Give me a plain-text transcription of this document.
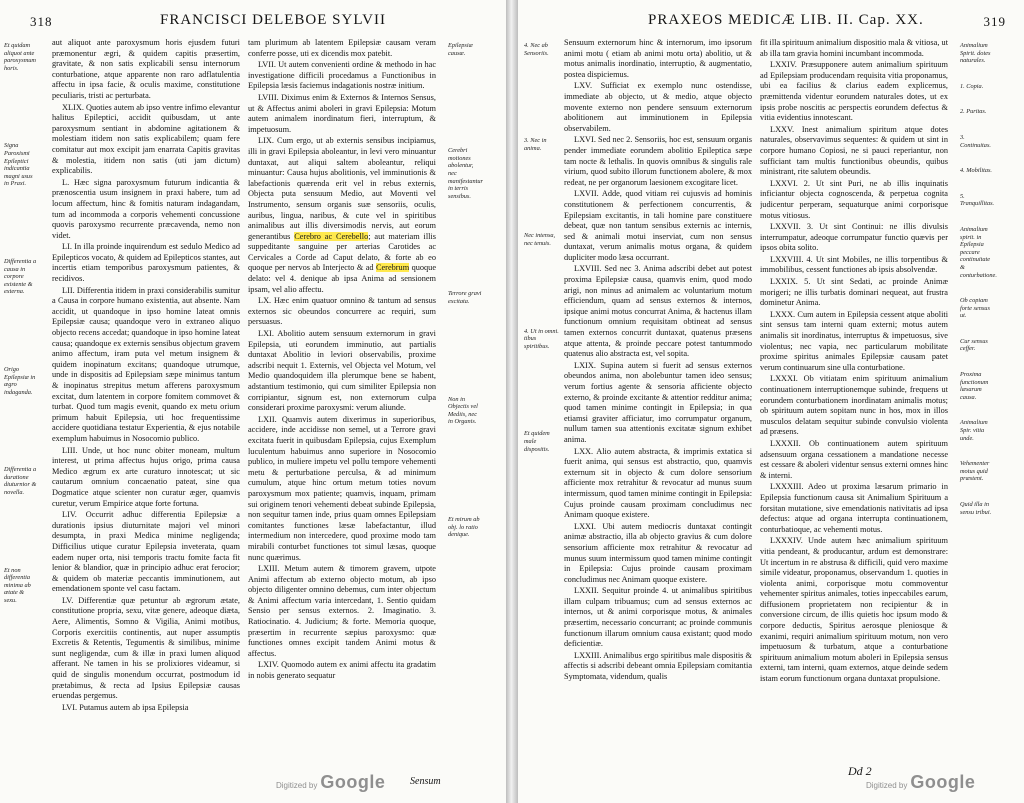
318	FRANCISCI DELEBOE SYLVII
Et quidam aliquot ante paroxysmum horis.
Signa Paroxismi Epileptici indicantia magni usus in Praxi.
Differentia a causa in corpore existente & externa.
Origo Epilepsiæ in ægro indaganda.
Differentia a duratione diuturnior & novella.
Et non differentia minima ab ætate & sexu.

aut aliquot ante paroxysmum horis ejusdem futuri præmonentur ægri, & quidem capitis præsertim, gravitate, & non satis explicabili sensu internorum conturbatione, atque apparente non raro adflatulentia affectu in ipsa facie, & oculis maxime, constitutione peculiaris, tristi ac perturbata.

XLIX. Quoties autem ab ipso ventre infimo elevantur halitus Epileptici, accidit quibusdam, ut ante paroxysmum sentiant in abdomine agitationem & molestiam itidem non satis explicabilem; quam fere comitatur aut mox excipit jam enarrata Capitis gravitas & molestia, itidem non satis (uti jam dictum) explicabilis.

L. Hæc signa paroxysmum futurum indicantia & prænoscentia usum insignem in praxi habere, tum ad locum affectum, hinc & fomitis naturam indagandam, tum ad incommoda a corporis vehementi concussione quovis paroxysmo recurrente præcavenda, nemo non videt.

LI. In illa proinde inquirendum est sedulo Medico ad Epilepticos vocato, & quidem ad Epilepticos stantes, aut incertis etiam temporibus paroxysmum patientes, & recidivos.

LII. Differentia itidem in praxi considerabilis sumitur a Causa in corpore humano existentia, aut absente. Nam accidit, ut quandoque in ipso homine lateat omnis Epilepsiæ causa; quandoque vero in extraneo aliquo objecto recens accedat; quandoque in ipso homine lateat causa; quandoque ex externis sensibus objectum gravem animo affectum, iram puta vel metum insignem & quidem inopinatum excitans; quandoque utrumque, unde in dispositis ad Epilepsiam sæpe minimus tantum & inopinatus strepitus metum afferens paroxysmum excitat, dum latentem in corpore fomitem commovet & turbat. Quod tum magis evenit, quando ex metu orium primum habuit Epilepsia, uti hoc frequentissime accidere quotidiana testatur Experientia, & ejus notabile exemplum habuimus in Nosocomio publico.

LIII. Unde, ut hoc nunc obiter moneam, multum interest, ut prima affectus hujus origo, prima causa Medico ægrum ex arte curaturo innotescat; ut sic cautarum omnium concaenatio pateat, sine qua Dogmatice atque scienter non curatur æger, quamvis curetur, verum Empirice atque forte fortuna.

LIV. Occurrit adhuc differentia Epilepsiæ a durationis ipsius diuturnitate majori vel minori desumpta, in praxi Medica minime negligenda; Difficilius utique curatur Epilepsia inveterata, quam eadem nuper orta, nisi temporis tractu fomite facta fit lenior & blandior, quæ in principio adhuc erat ferocior; & quidem ob materiæ peccantis imminutionem, aut emendationem sponte vel casu factam.

LV. Differentiæ quæ petuntur ab ægrorum ætate, constitutione propria, sexu, vitæ genere, adeoque diæta, Aere, Alimentis, Somno & Vigilia, Animi motibus, Corporis exercitiis continentis, aut nuper assumptis Excretis & Retentis, Tegumentis & similibus, minime sunt negligendæ, cum & illæ in praxi lumen aliquod afferant. Ne tamen in his se prolixiores videamur, si quid de singulis monendum occurrat, postmodum id prætabimus, & recta ad Ipsius Epilepsiæ causas eruendas pergemus.

LVI. Putamus autem ab ipsa Epilepsia

tam plurimum ab latentem Epilepsiæ causam veram conferre posse, uti ex dicendis mox patebit.

LVII. Ut autem convenienti ordine & methodo in hac investigatione difficili procedamus a Functionibus in Epilepsia læsis faciemus indagationis nostræ initium.

LVIII. Diximus enim & Externos & Internos Sensus, ut & Affectus animi aboleri in gravi Epilepsia: Motum autem animalem inordinatum fieri, interruptum, & impetuosum.

LIX. Cum ergo, ut ab externis sensibus incipiamus, illi in gravi Epilepsia aboleantur, in levi vero minuantur duntaxat, aut aliqui saltem aboleantur, reliqui minuantur: Causa hujus abolitionis, vel imminutionis & labefactionis quærenda erit vel in rebus externis, Objecta puta sensuum Medio, aut Moventi vel Instrumento, sensum organis suæ sensoriis, oculis, auribus, lingua, naribus, & cute vel in spiritibus animalibus aut illis diversimodis nervis, aut eorum generantibus Cerebro ac Cerebello; aut materiam illis suppeditante sanguine per arterias Carotides ac Cervicales a Corde ad Caput delato, & forte ab eo quoque per nervos ab Interjecto & ad Cerebrum quoque delato: vel 4. denique ab ipsa Anima ad sensionem ipsam, vel alio affectu.

LX. Hæc enim quatuor omnino & tantum ad sensus externos sic obeundos concurrere ac requiri, sum persuasus.

LXI. Abolitio autem sensuum externorum in gravi Epilepsia, uti eorundem imminutio, aut partialis duntaxat Abolitio in leviori observabilis, proxime adscribi nequit 1. Externis, vel Objecta vel Motum, vel Medio quandoquidem illa plerumque bene se habent, adstantium testimonio, qui cum similiter Epilepsia non corripiantur, signum est, non externorum culpa considerari proxime paroxysmi: verum aliunde.

LXII. Quamvis autem dixerimus in superioribus, accidere, inde accidisse non semel, ut a Terrore gravi excitata fuerit in quibusdam Epilepsia, cujus Exemplum luculentum habuimus anno superiore in Nosocomio publico, in muliere impetu vel pollu tempore vehementi metu & perturbatione perculsa, & ad minimum cumulum, atque hinc ortum metum toties novum paroxysmum mox patiente; quamvis, inquam, primam sui originem tenori vehementi debeat subinde Epilepsia, non sequitur tamen inde, prius quam omnes Epilepsiam comitantes functiones læsæ labefactantur, illud intermedium non intercedere, quod proxime modo tam mirabili conturbet functiones tot simul læsas, quoque nunc quærimus.

LXIII. Metum autem & timorem gravem, utpote Animi affectum ab externo objecto motum, ab ipso objecto diligenter omnino debemus, cum inter objectum & Animi affectum varia intercedant, 1. Sentio quidam Sensio per sensus externos. 2. Imaginatio. 3. Ratiocinatio. 4. Judicium; & forte. Memoria quoque, præsertim in recurrente sæpius paroxysmo: quæ functiones omnes excipit tandem Animi motus & affectus.

LXIV. Quomodo autem ex animi affectu ita gradatim in nobis generato sequatur

Epilepsiæ causæ.
Cerebri motiones abolentur, nec manifestantur in terris sensibus.
Terrore gravi excitata.
Non in Objectis vel Mediis, nec in Organis.
Et mirum ab obj. lo ratio denique.
Digitized by Google Sensum
PRAXEOS MEDICÆ LIB. II. Cap. XX.	319
4. Nec ab Sensoriis.
3. Nec in anima.
Nec intensa, nec tenuis.
4. Ut in omni. tibus spiritibus.
Et quidem male dispositis.

Sensuum externorum hinc & internorum, imo ipsorum animi motu ( etiam ab animi motu orta) abolitio, ut & motus animalis inordinatio, interruptio, & augmentatio, postea dispiciemus.

LXV. Sufficiat ex exemplo nunc ostendisse, immediate ab objecto, ut & medio, atque objecto movente externo non pendere sensuum externorum abolitionem aut imminutionem in Epilepsia observabilem.

LXVI. Sed nec 2. Sensoriis, hoc est, sensuum organis pender immediate eorundem abolitio Epileptica sæpe tam nocte & lethalis. In quovis omnibus & singulis rale virium, quod subito illorum functionem abolere, & mox redeat, ne per organorum laesionem excogitare licet.

LXVII. Adde, quod vitiam rei cujusvis ad hominis constitutionem & perfectionem concurrentis, & Epilepsiam excitantis, in tali homine pare constituere debeat, quæ non tantum sensibus externis ac internis, sed & animali motui inserviat, cum non sensus duntaxat, verum animalis motus organa, & quidem dupliciter modo læsa occurrant.

LXVIII. Sed nec 3. Anima adscribi debet aut potest proxima Epilepsiæ causa, quamvis enim, quod modo arigi, non minus ad animalem ac voluntarium motum efficiendum, quam ad sensus externos & internos, ipsique animi motus concurrat Anima, & hactenus illam functionum omnium requisitam obtineat ad sensus tamen externos concurrit duntaxat, quatenus præsens atque attenta, & proinde peccare potest tantummodo quatenus alio abstracta est, vel sopita.

LXIX. Supina autem si fuerit ad sensus externos obeundos anima, non abolebuntur tamen ideo sensus; verum fortius agente & sensoria afficiente objecto externo, & proinde excitante & attentior redditur anima; quod tamen minime contingit in Epilepsia; in qua etiamsi graviter afficiatur, imo corrumpatur organum, nullum tamen sua attentionis excitatæ signum exhibet anima.

LXX. Alio autem abstracta, & imprimis extatica si fuerit anima, qui sensus est abstractio, quo, quamvis externum sit in objecto & cum dolore sensorium afficiente mox retrahitur & revocatur ad munus suum intermissum, quod tamen minime contingit in Epilepsia: Cujus proinde causam proximam concludimus nec Animam quoque existere.

LXXI. Ubi autem mediocris duntaxat contingit animæ abstractio, illa ab objecto gravius & cum dolore sensorium afficiente mox retrahitur & revocatur ad munus suum intermissum quod tamen minime contingit in Epilepsia: Cujus proinde causam proximam concludimus nec Animam quoque existere.

LXXII. Sequitur proinde 4. ut animalibus spiritibus illam culpam tribuamus; cum ad sensus externos ac internos, ut & animi corporisque motus, & animales præsertim, necessario concurrant; ac proinde communis functionum illarum omnium causa existant; quod modo deficientiæ.

LXXIII. Animalibus ergo spiritibus male dispositis & affectis si adscribi debeant omnia Epilepsiam comitantia Symptomata, videndum, qualis

fit illa spirituum animalium dispositio mala & vitiosa, ut ab illa tam gravia homini incumbant incommoda.

LXXIV. Præsupponere autem animalium spirituum ad Epilepsiam producendam requisita vitia proponamus, ubi ea facilius & clarius eadem explicemus, præmittenda videntur eorundem naturales dotes, ut ex ipsis probe noscitis ac perspectis eorundem defectus & vitia evidentius innotescant.

LXXV. Inest animalium spiritum atque dotes naturales, observavimus sequentes: & quidem ut sint in corpore humano Copiosi, ne si pauci reperiantur, non sufficiant tam multis functionibus obeundis, quibus ministrant, rite salutem obeundis.

LXXVI. 2. Ut sint Puri, ne ab illis inquinatis inficiantur objecta cognoscenda, & perpetua cognita judicentur perperam, sequaturque animi corporisque motus vitiosus.

LXXVII. 3. Ut sint Continui: ne illis divulsis interrumpatur, adeoque corrumpatur functio quævis per ipsos obita solito.

LXXVIII. 4. Ut sint Mobiles, ne illis torpentibus & immobilibus, cessent functiones ab ipsis absolvendæ.

LXXIX. 5. Ut sint Sedati, ac proinde Animæ morigeri; ne illis turbatis dominari nequeat, aut frustra dominetur Anima.

LXXX. Cum autem in Epilepsia cessent atque aboliti sint sensus tam interni quam externi; motus autem animalis sit inordinatus, interruptus & impetuosus, sive violentus; nec vapia, nec particularum mobilitate proxime spiritus animales Epilepsiæ causam patet verum continuarum sine ulla conturbatione.

LXXXI. Ob vitiatam enim spirituum animalium continuationem interruptionemque subinde, frequens ut eorundem conturbationem inordinatam animalis motus; ob spirituum autem sopitam nunc in hos, mox in illos musculos delatam sequitur subinde convulsio violenta ad præsens.

LXXXII. Ob continuationem autem spirituum adsensuum organa cessationem a mandatione necesse est cessare & aboleri videntur sensus externi omnes hinc & interni.

LXXXIII. Adeo ut proxima læsarum primario in Epilepsia functionum causa sit Animalium Spirituum a forsitan mutatione, sive emendationis nativitatis ad ipsa defectus: atque ad organa interrupta continuationem, conturbatioque, ac vehementi motus.

LXXXIV. Unde autem hæc animalium spirituum vitia pendeant, & producantur, ardum est demonstrare: Ut incertum in re abstrusa & difficili, quid vero maxime simile videatur, proponamus, observandum 1. quoties in violenta animi, corporisque motu commoventur vehementer spiritus animales, toties inpeccabiles earum, diffusionem proprietatem non recipientur & in conversione circum, de illis quietis hoc ipsum modo & corpore deductis, Spiritus aerosque pleniosque & exanimi, requiri animalium spirituum motum, non vero impetuosum & turbatum, atque a conturbatione spirituum animalium motum aboleri in Epilepsia sensus externi, tam interni, quam externos, atque deinde sedem istam eorum functionum organa duntaxat propulsione.

Animalium Spirit. dotes naturales.
1. Copia.
2. Puritas.
3. Continuitas.
4. Mobilitas.
5. Tranquillitas.
Animalium spirit. in Epilepsia peccare continuitate & conturbatione.
Ob copiam forte sensus ut.
Cur sensus ceffer.
Proxima functionum læsarum causa.
Animalium Spir. vitia unde.
Vehementer motus quid præstent.
Quid illa in sensu tribui.
Digitized by Google
Dd 2
